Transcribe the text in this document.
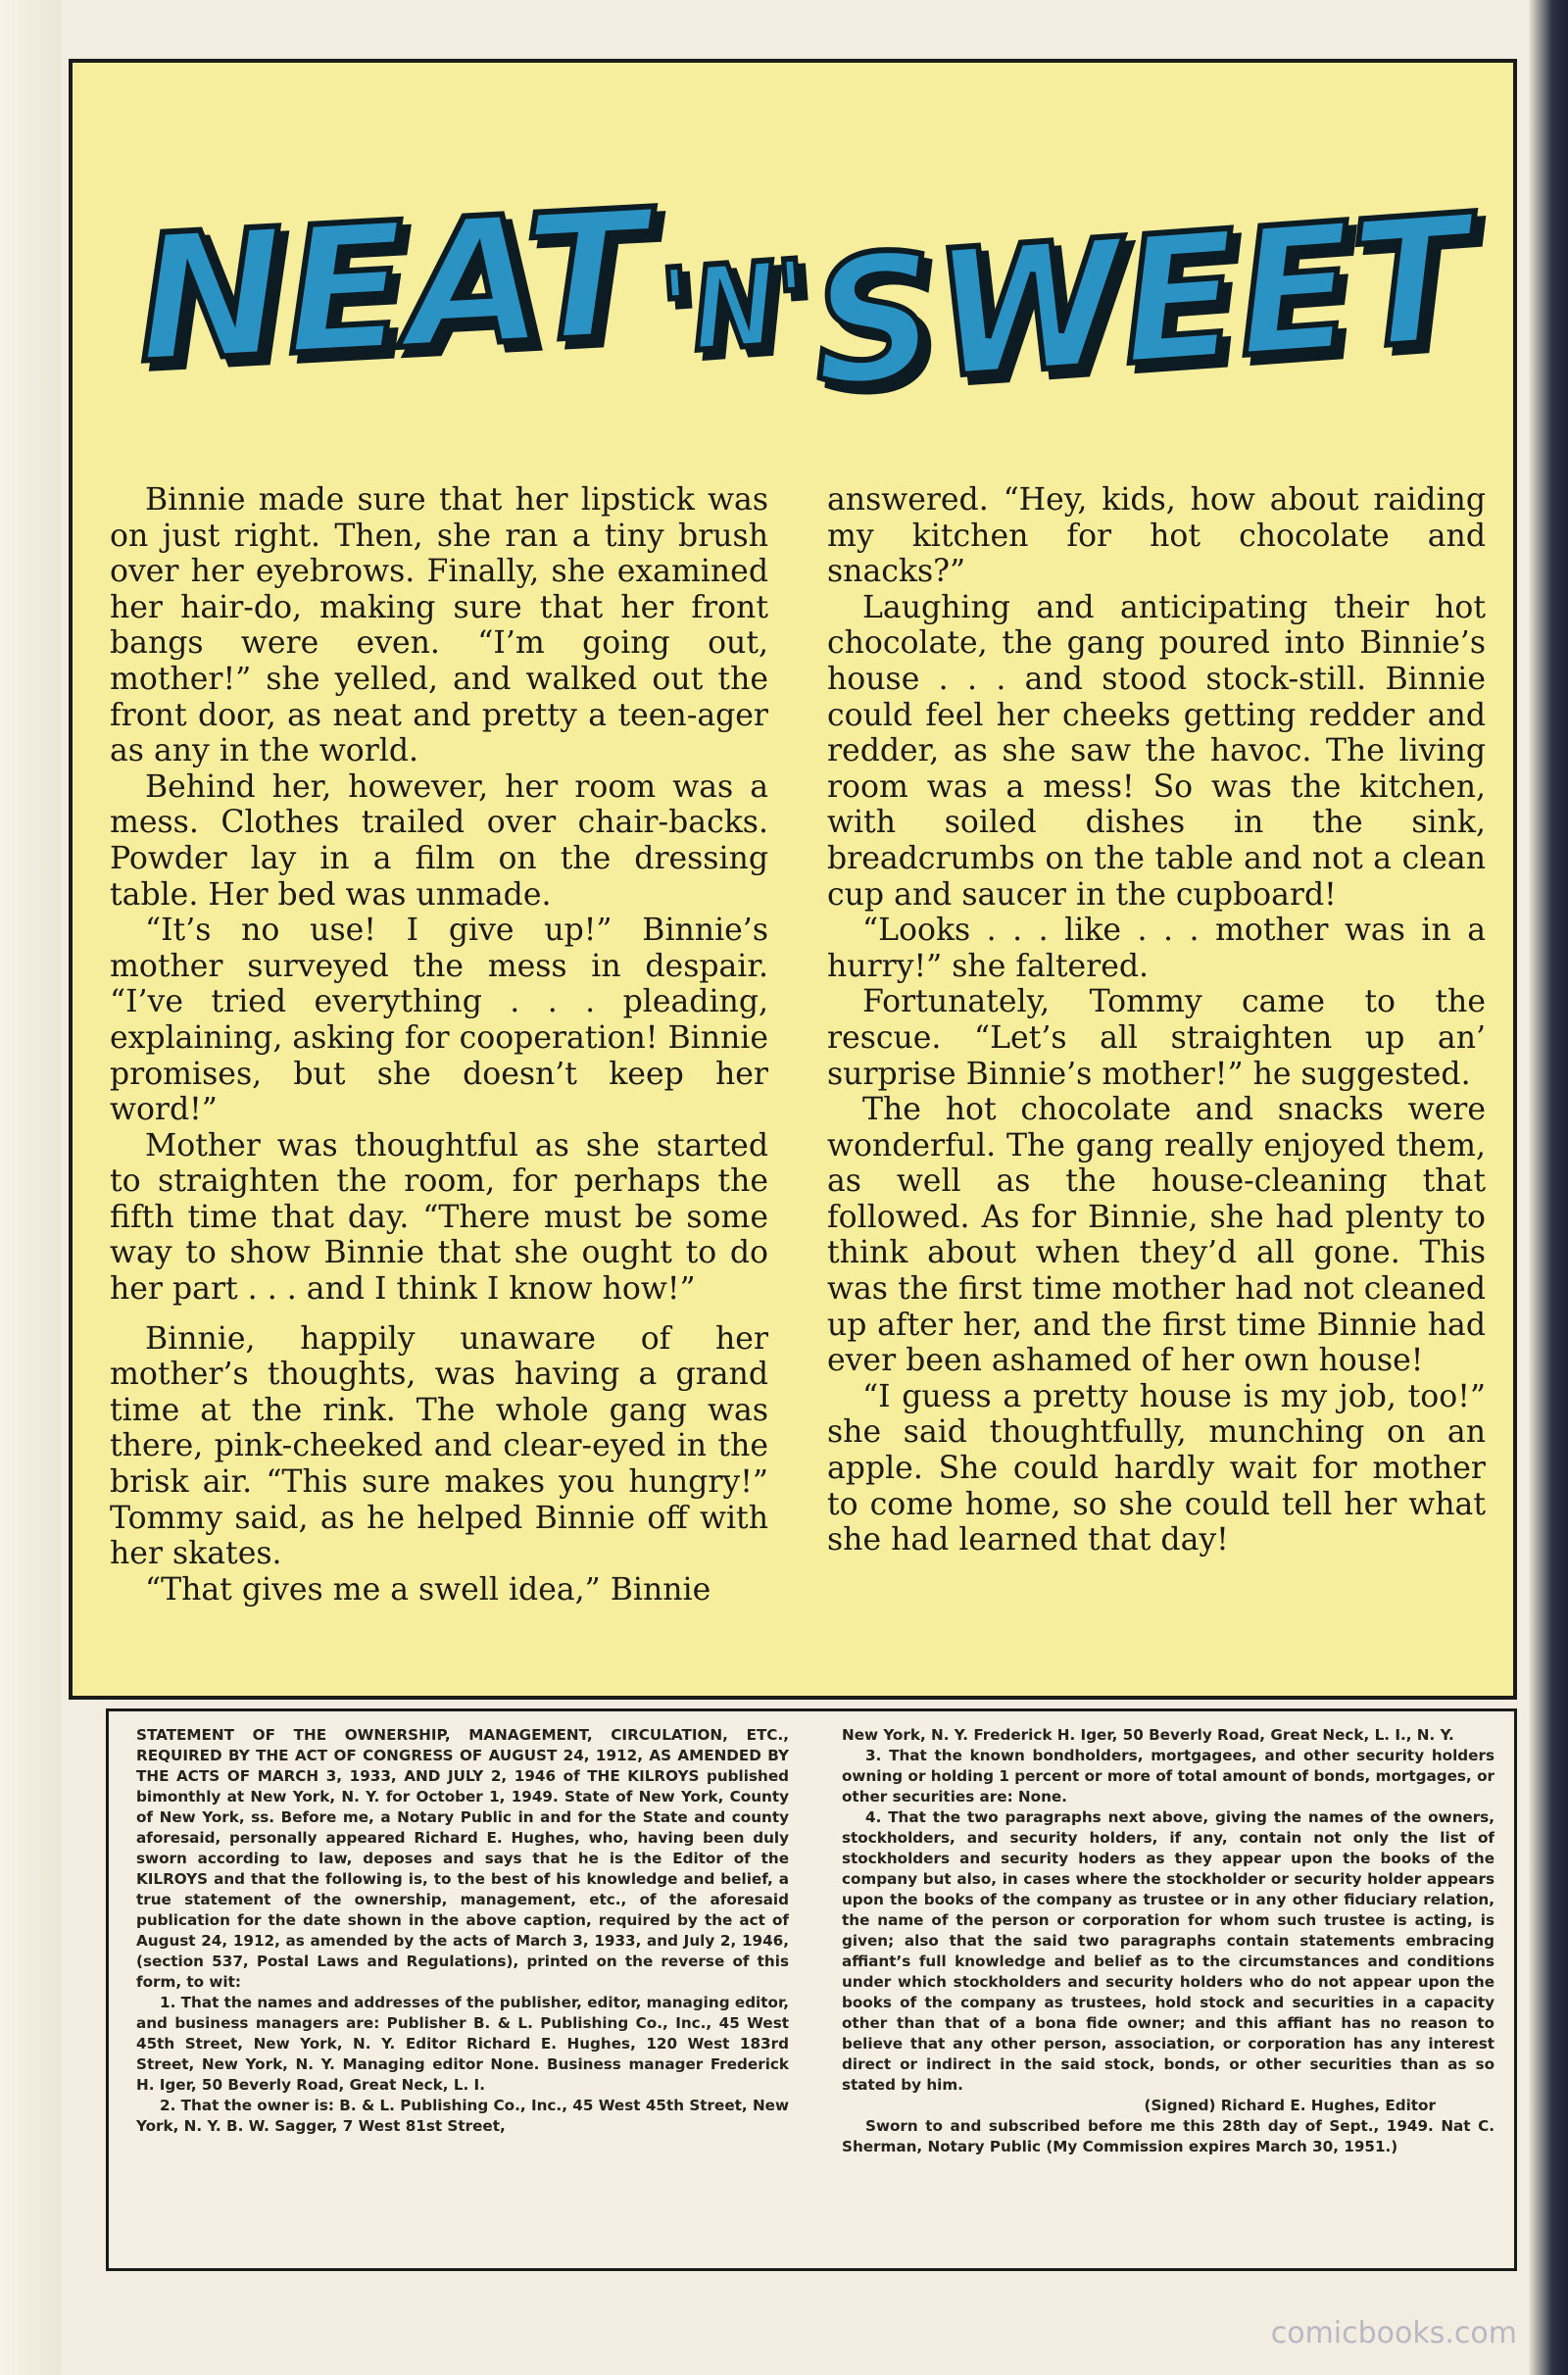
NEAT 'N'
SWEET

Binnie made sure that her lipstick was on just right. Then, she ran a tiny brush over her eyebrows. Finally, she examined her hair-do, making sure that her front bangs were even. “I’m going out, mother!” she yelled, and walked out the front door, as neat and pretty a teen-ager as any in the world.

Behind her, however, her room was a mess. Clothes trailed over chair-backs. Powder lay in a film on the dressing table. Her bed was unmade.

“It’s no use! I give up!” Binnie’s mother surveyed the mess in despair. “I’ve tried everything . . . pleading, explaining, asking for cooperation! Binnie promises, but she doesn’t keep her word!”

Mother was thoughtful as she started to straighten the room, for perhaps the fifth time that day. “There must be some way to show Binnie that she ought to do her part . . . and I think I know how!”

Binnie, happily unaware of her mother’s thoughts, was having a grand time at the rink. The whole gang was there, pink-cheeked and clear-eyed in the brisk air. “This sure makes you hungry!” Tommy said, as he helped Binnie off with her skates.

“That gives me a swell idea,” Binnie

answered. “Hey, kids, how about raiding my kitchen for hot chocolate and snacks?”

Laughing and anticipating their hot chocolate, the gang poured into Binnie’s house . . . and stood stock-still. Binnie could feel her cheeks getting redder and redder, as she saw the havoc. The living room was a mess! So was the kitchen, with soiled dishes in the sink, breadcrumbs on the table and not a clean cup and saucer in the cupboard!

“Looks . . . like . . . mother was in a hurry!” she faltered.

Fortunately, Tommy came to the rescue. “Let’s all straighten up an’ surprise Binnie’s mother!” he suggested.

The hot chocolate and snacks were wonderful. The gang really enjoyed them, as well as the house-cleaning that followed. As for Binnie, she had plenty to think about when they’d all gone. This was the first time mother had not cleaned up after her, and the first time Binnie had ever been ashamed of her own house!

“I guess a pretty house is my job, too!” she said thoughtfully, munching on an apple. She could hardly wait for mother to come home, so she could tell her what she had learned that day!

STATEMENT OF THE OWNERSHIP, MANAGEMENT, CIRCULATION, ETC., REQUIRED BY THE ACT OF CONGRESS OF AUGUST 24, 1912, AS AMENDED BY THE ACTS OF MARCH 3, 1933, AND JULY 2, 1946 of THE KILROYS published bimonthly at New York, N. Y. for October 1, 1949. State of New York, County of New York, ss. Before me, a Notary Public in and for the State and county aforesaid, personally appeared Richard E. Hughes, who, having been duly sworn according to law, deposes and says that he is the Editor of the KILROYS and that the following is, to the best of his knowledge and belief, a true statement of the ownership, management, etc., of the aforesaid publication for the date shown in the above caption, required by the act of August 24, 1912, as amended by the acts of March 3, 1933, and July 2, 1946, (section 537, Postal Laws and Regulations), printed on the reverse of this form, to wit:

1. That the names and addresses of the publisher, editor, managing editor, and business managers are: Publisher B. & L. Publishing Co., Inc., 45 West 45th Street, New York, N. Y. Editor Richard E. Hughes, 120 West 183rd Street, New York, N. Y. Managing editor None. Business manager Frederick H. Iger, 50 Beverly Road, Great Neck, L. I.

2. That the owner is: B. & L. Publishing Co., Inc., 45 West 45th Street, New York, N. Y. B. W. Sagger, 7 West 81st Street,

New York, N. Y. Frederick H. Iger, 50 Beverly Road, Great Neck, L. I., N. Y.

3. That the known bondholders, mortgagees, and other security holders owning or holding 1 percent or more of total amount of bonds, mortgages, or other securities are: None.

4. That the two paragraphs next above, giving the names of the owners, stockholders, and security holders, if any, contain not only the list of stockholders and security hoders as they appear upon the books of the company but also, in cases where the stockholder or security holder appears upon the books of the company as trustee or in any other fiduciary relation, the name of the person or corporation for whom such trustee is acting, is given; also that the said two paragraphs contain statements embracing affiant’s full knowledge and belief as to the circumstances and conditions under which stockholders and security holders who do not appear upon the books of the company as trustees, hold stock and securities in a capacity other than that of a bona fide owner; and this affiant has no reason to believe that any other person, association, or corporation has any interest direct or indirect in the said stock, bonds, or other securities than as so stated by him.

(Signed) Richard E. Hughes, Editor

Sworn to and subscribed before me this 28th day of Sept., 1949. Nat C. Sherman, Notary Public (My Commission expires March 30, 1951.)

comicbooks.com
